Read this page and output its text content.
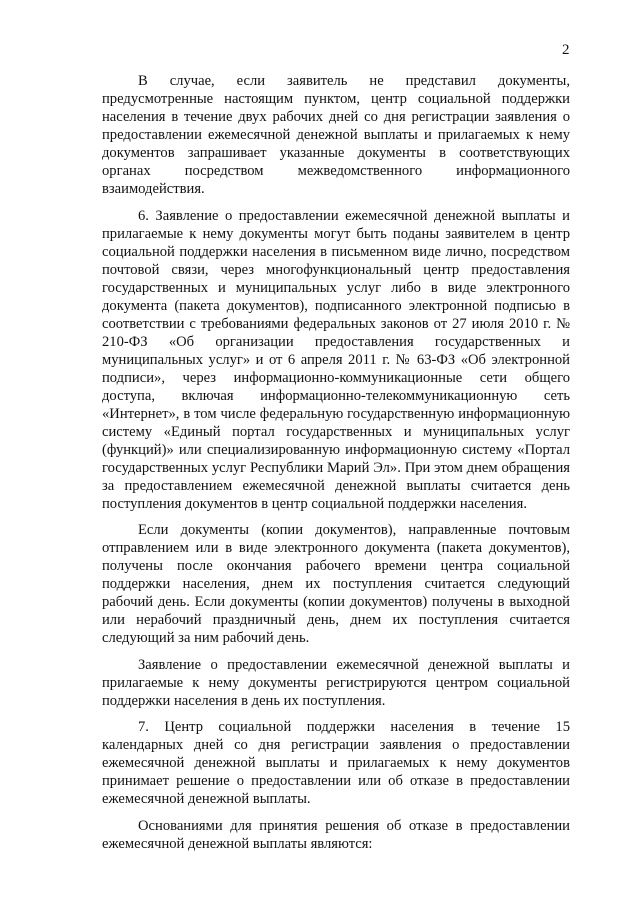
2

В случае, если заявитель не представил документы, предусмотренные настоящим пунктом, центр социальной поддержки населения в течение двух рабочих дней со дня регистрации заявления о предоставлении ежемесячной денежной выплаты и прилагаемых к нему документов запрашивает указанные документы в соответствующих органах посредством межведомственного информационного взаимодействия.

6. Заявление о предоставлении ежемесячной денежной выплаты и прилагаемые к нему документы могут быть поданы заявителем в центр социальной поддержки населения в письменном виде лично, посредством почтовой связи, через многофункциональный центр предоставления государственных и муниципальных услуг либо в виде электронного документа (пакета документов), подписанного электронной подписью в соответствии с требованиями федеральных законов от 27 июля 2010 г. № 210-ФЗ «Об организации предоставления государственных и муниципальных услуг» и от 6 апреля 2011 г. № 63-ФЗ «Об электронной подписи», через информационно-коммуникационные сети общего доступа, включая информационно-телекоммуникационную сеть «Интернет», в том числе федеральную государственную информационную систему «Единый портал государственных и муниципальных услуг (функций)» или специализированную информационную систему «Портал государственных услуг Республики Марий Эл». При этом днем обращения за предоставлением ежемесячной денежной выплаты считается день поступления документов в центр социальной поддержки населения.

Если документы (копии документов), направленные почтовым отправлением или в виде электронного документа (пакета документов), получены после окончания рабочего времени центра социальной поддержки населения, днем их поступления считается следующий рабочий день. Если документы (копии документов) получены в выходной или нерабочий праздничный день, днем их поступления считается следующий за ним рабочий день.

Заявление о предоставлении ежемесячной денежной выплаты и прилагаемые к нему документы регистрируются центром социальной поддержки населения в день их поступления.

7. Центр социальной поддержки населения в течение 15 календарных дней со дня регистрации заявления о предоставлении ежемесячной денежной выплаты и прилагаемых к нему документов принимает решение о предоставлении или об отказе в предоставлении ежемесячной денежной выплаты.

Основаниями для принятия решения об отказе в предоставлении ежемесячной денежной выплаты являются:
